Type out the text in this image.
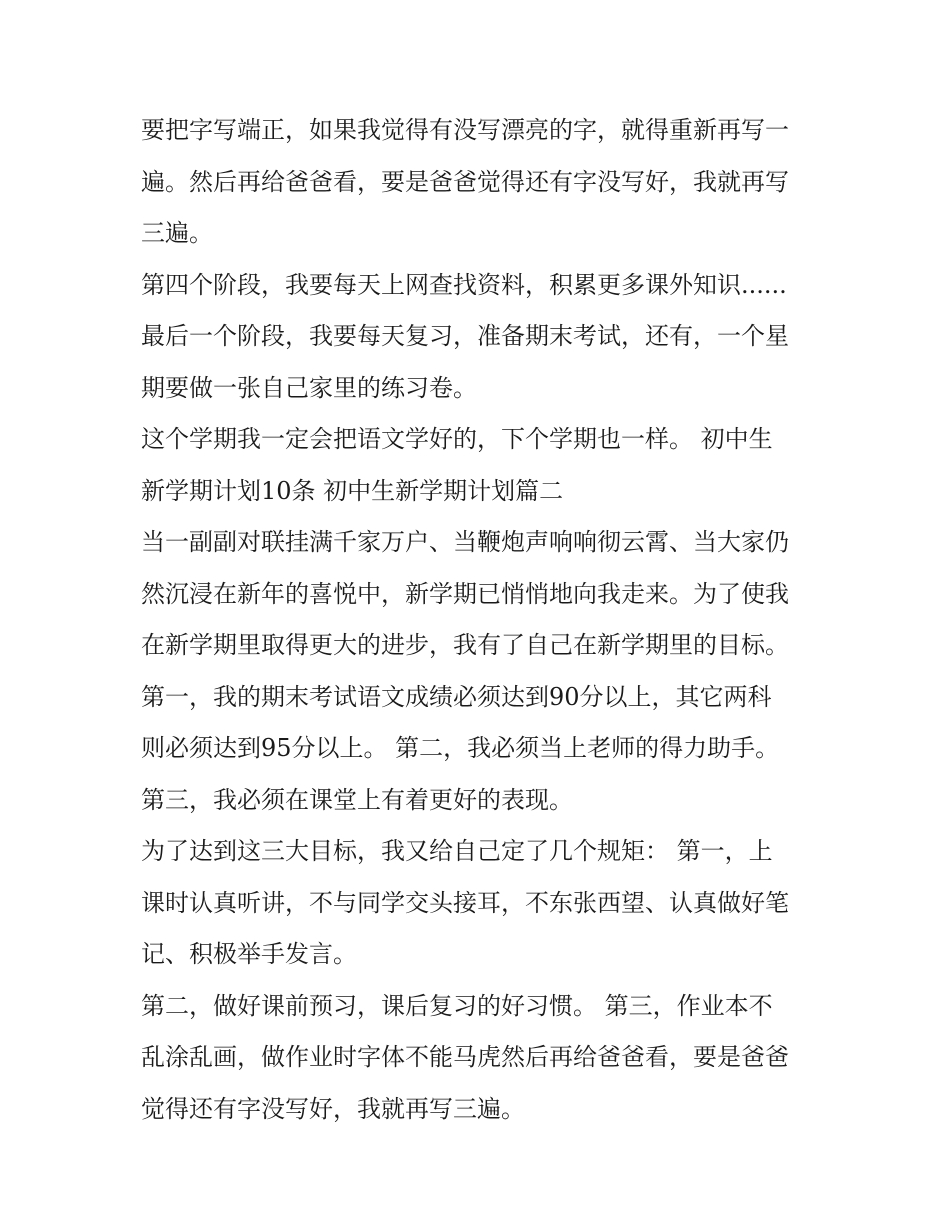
要把字写端正，如果我觉得有没写漂亮的字，就得重新再写一

遍。然后再给爸爸看，要是爸爸觉得还有字没写好，我就再写

三遍。

第四个阶段，我要每天上网查找资料，积累更多课外知识......

最后一个阶段，我要每天复习，准备期末考试，还有，一个星

期要做一张自己家里的练习卷。

这个学期我一定会把语文学好的，下个学期也一样。 初中生

新学期计划10条 初中生新学期计划篇二

当一副副对联挂满千家万户、当鞭炮声响响彻云霄、当大家仍

然沉浸在新年的喜悦中，新学期已悄悄地向我走来。为了使我

在新学期里取得更大的进步，我有了自己在新学期里的目标。

第一，我的期末考试语文成绩必须达到90分以上，其它两科

则必须达到95分以上。 第二，我必须当上老师的得力助手。

第三，我必须在课堂上有着更好的表现。

为了达到这三大目标，我又给自己定了几个规矩： 第一，上

课时认真听讲，不与同学交头接耳，不东张西望、认真做好笔

记、积极举手发言。

第二，做好课前预习，课后复习的好习惯。 第三，作业本不

乱涂乱画，做作业时字体不能马虎然后再给爸爸看，要是爸爸

觉得还有字没写好，我就再写三遍。
